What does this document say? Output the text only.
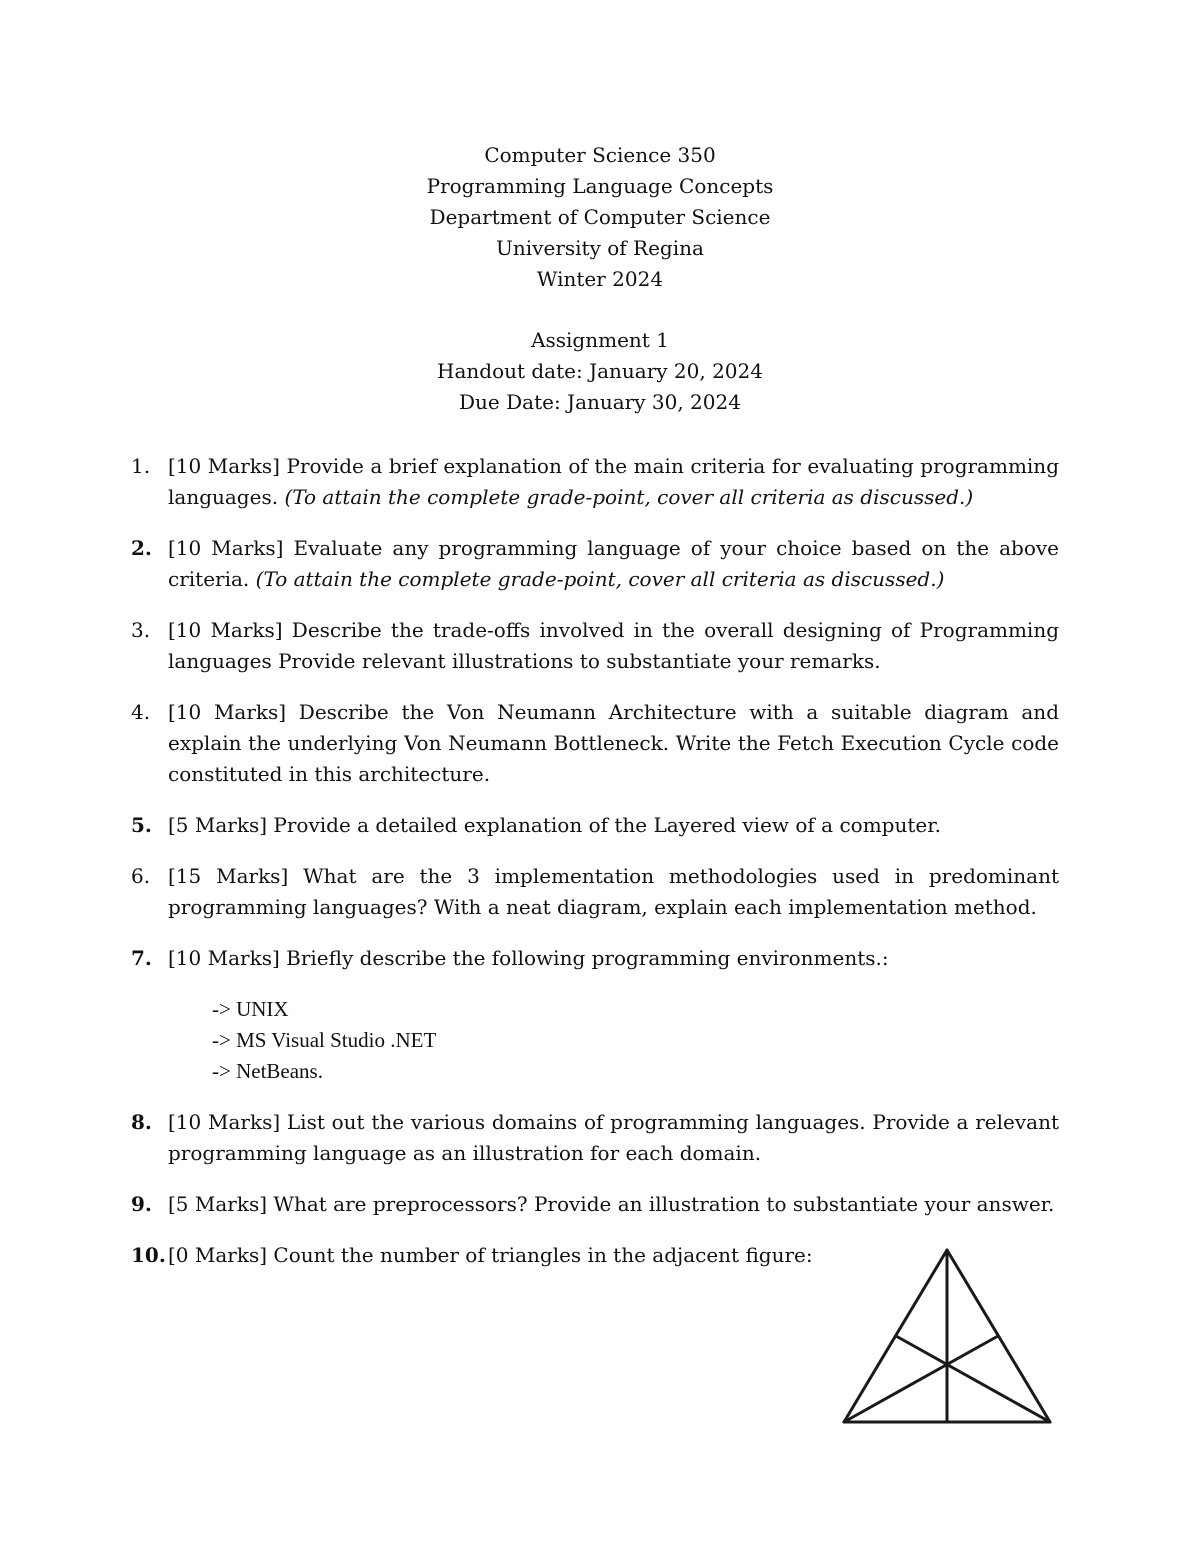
Computer Science 350
Programming Language Concepts
Department of Computer Science
University of Regina
Winter 2024
Assignment 1
Handout date: January 20, 2024
Due Date: January 30, 2024
1. [10 Marks] Provide a brief explanation of the main criteria for evaluating programming languages. (To attain the complete grade-point, cover all criteria as discussed.)
2. [10 Marks] Evaluate any programming language of your choice based on the above criteria. (To attain the complete grade-point, cover all criteria as discussed.)
3. [10 Marks] Describe the trade-offs involved in the overall designing of Programming languages Provide relevant illustrations to substantiate your remarks.
4. [10 Marks] Describe the Von Neumann Architecture with a suitable diagram and explain the underlying Von Neumann Bottleneck. Write the Fetch Execution Cycle code constituted in this architecture.
5. [5 Marks] Provide a detailed explanation of the Layered view of a computer.
6. [15 Marks] What are the 3 implementation methodologies used in predominant programming languages? With a neat diagram, explain each implementation method.
7. [10 Marks] Briefly describe the following programming environments.:
-> UNIX
-> MS Visual Studio .NET
-> NetBeans.
8. [10 Marks] List out the various domains of programming languages. Provide a relevant programming language as an illustration for each domain.
9. [5 Marks] What are preprocessors? Provide an illustration to substantiate your answer.
10. [0 Marks] Count the number of triangles in the adjacent figure:
